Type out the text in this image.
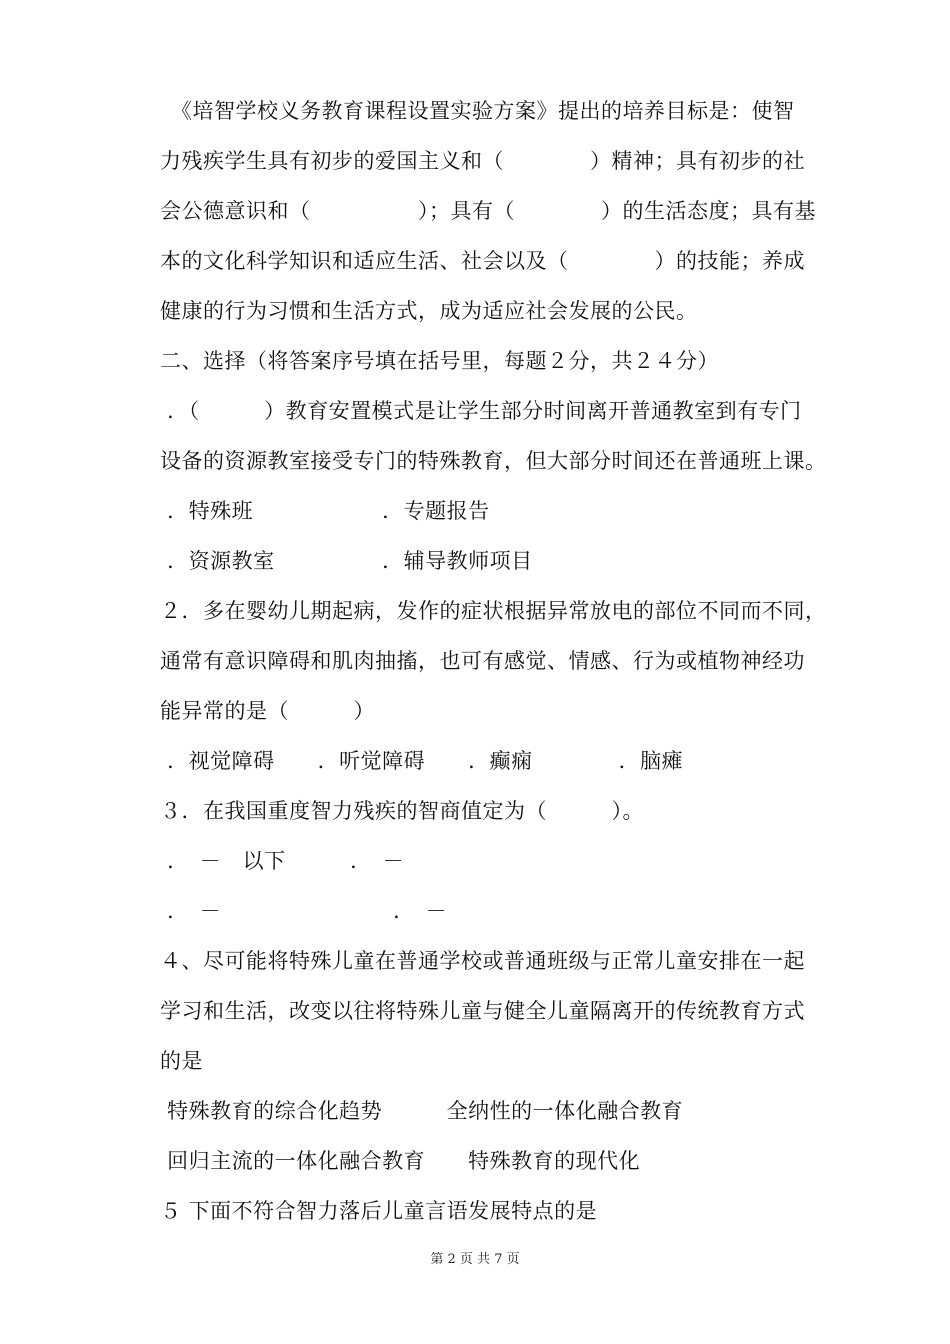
　《培智学校义务教育课程设置实验方案》提出的培养目标是：使智
力残疾学生具有初步的爱国主义和（　　　　）精神；具有初步的社
会公德意识和（　　　　　）；具有（　　　　）的生活态度；具有基
本的文化科学知识和适应生活、社会以及（　　　　）的技能；养成
健康的行为习惯和生活方式，成为适应社会发展的公民。
二、选择（将答案序号填在括号里，每题２分，共２４分）
．（　　　）教育安置模式是让学生部分时间离开普通教室到有专门
设备的资源教室接受专门的特殊教育，但大部分时间还在普通班上课。
．特殊班　　　　　　．专题报告
．资源教室　　　　　．辅导教师项目
２．多在婴幼儿期起病，发作的症状根据异常放电的部位不同而不同，
通常有意识障碍和肌肉抽搐，也可有感觉、情感、行为或植物神经功
能异常的是（　　　）
．视觉障碍　　．听觉障碍　　．癫痫　　　　．脑瘫
３．在我国重度智力残疾的智商值定为（　　　）。
．　－　以下　　　．　－
．　－　　　　　　　　．　－
４、尽可能将特殊儿童在普通学校或普通班级与正常儿童安排在一起
学习和生活，改变以往将特殊儿童与健全儿童隔离开的传统教育方式
的是
特殊教育的综合化趋势　　　全纳性的一体化融合教育
回归主流的一体化融合教育　　特殊教育的现代化
５ 下面不符合智力落后儿童言语发展特点的是
第 2 页 共 7 页
